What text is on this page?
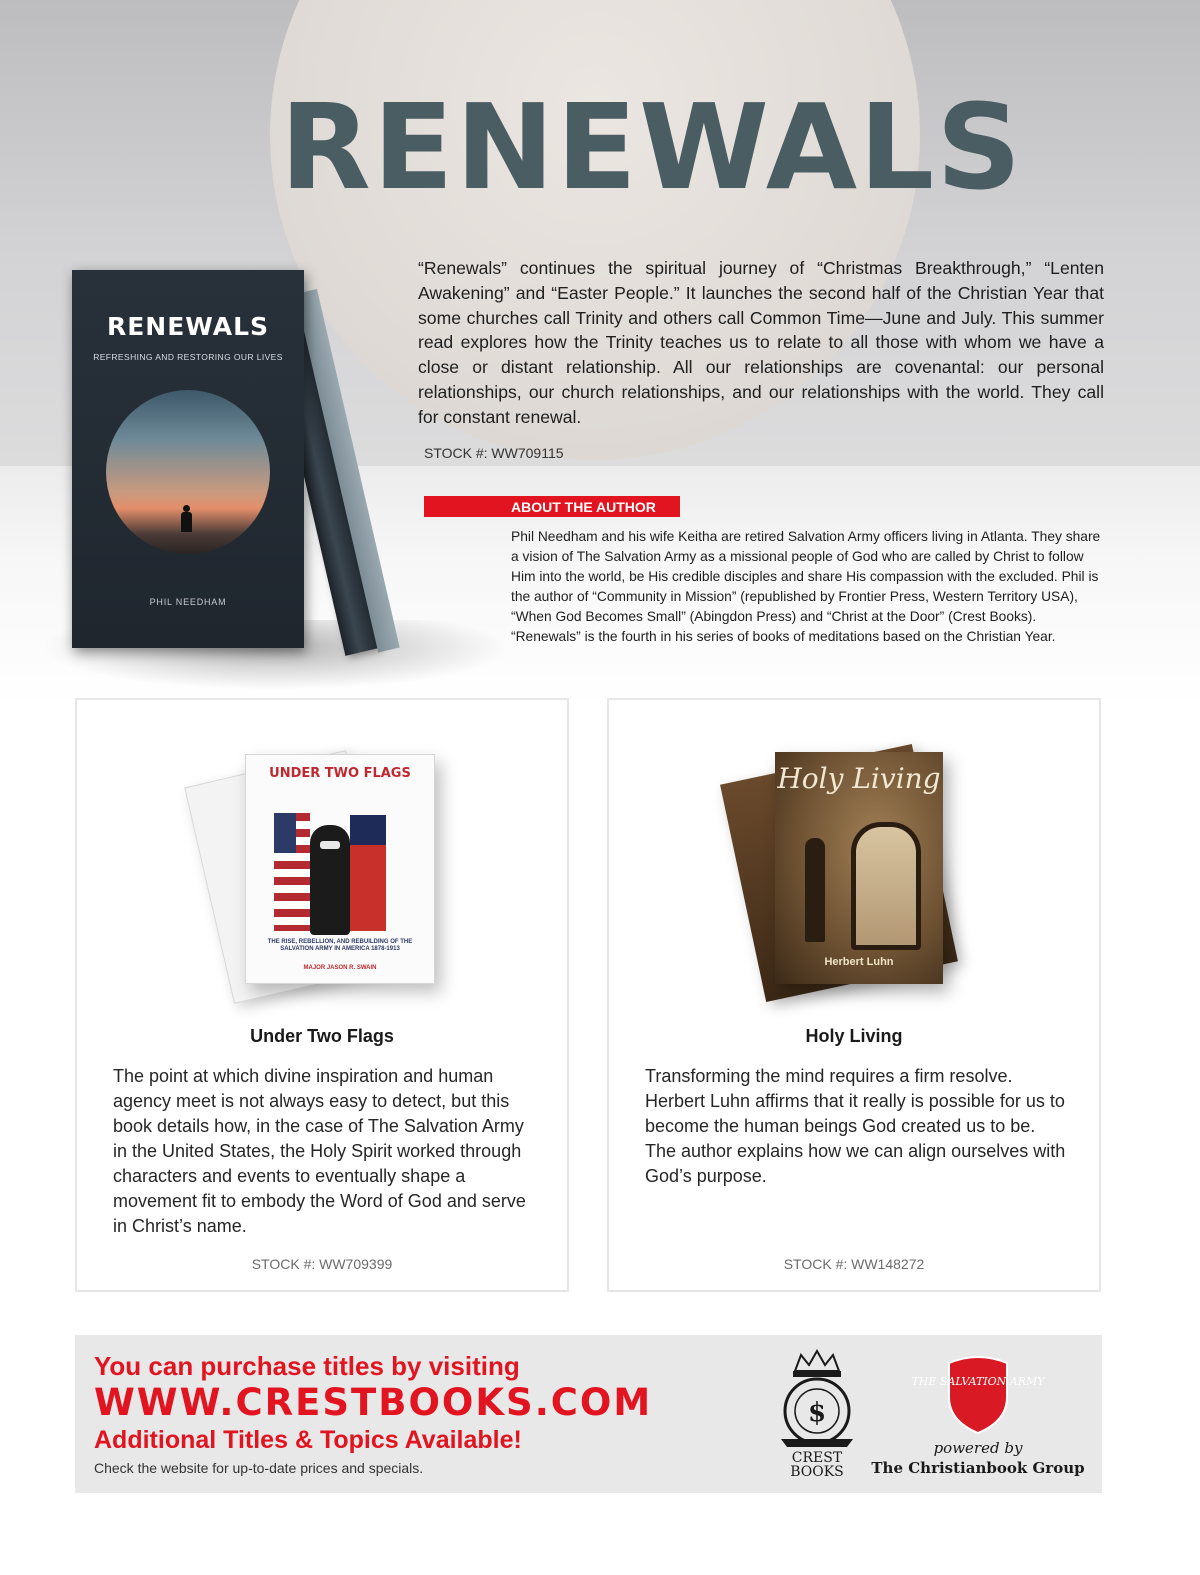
RENEWALS
RENEWALS
REFRESHING AND RESTORING OUR LIVES
PHIL NEEDHAM

“Renewals” continues the spiritual journey of “Christmas Breakthrough,” “Lenten Awakening” and “Easter People.” It launches the second half of the Christian Year that some churches call Trinity and others call Common Time—June and July. This summer read explores how the Trinity teaches us to relate to all those with whom we have a close or distant relationship. All our relationships are covenantal: our personal relationships, our church relationships, and our relationships with the world. They call for constant renewal.

STOCK #: WW709115

ABOUT THE AUTHOR

Phil Needham and his wife Keitha are retired Salvation Army officers living in Atlanta. They share a vision of The Salvation Army as a missional people of God who are called by Christ to follow Him into the world, be His credible disciples and share His compassion with the excluded. Phil is the author of “Community in Mission” (republished by Frontier Press, Western Territory USA), “When God Becomes Small” (Abingdon Press) and “Christ at the Door” (Crest Books). “Renewals” is the fourth in his series of books of meditations based on the Christian Year.

UNDER TWO FLAGS

THE RISE, REBELLION, AND REBUILDING OF THE SALVATION ARMY IN AMERICA 1878-1913

MAJOR JASON R. SWAIN

Under Two Flags

The point at which divine inspiration and human agency meet is not always easy to detect, but this book details how, in the case of The Salvation Army in the United States, the Holy Spirit worked through characters and events to eventually shape a movement fit to embody the Word of God and serve in Christ’s name.

STOCK #: WW709399

Holy Living

Herbert Luhn

Holy Living

Transforming the mind requires a firm resolve. Herbert Luhn affirms that it really is possible for us to become the human beings God created us to be. The author explains how we can align ourselves with God’s purpose.

STOCK #: WW148272

You can purchase titles by visiting

WWW.CRESTBOOKS.COM

Additional Titles & Topics Available!

Check the website for up-to-date prices and specials.

$

CREST BOOKS

THE SALVATION ARMY

powered by

The Christianbook Group
